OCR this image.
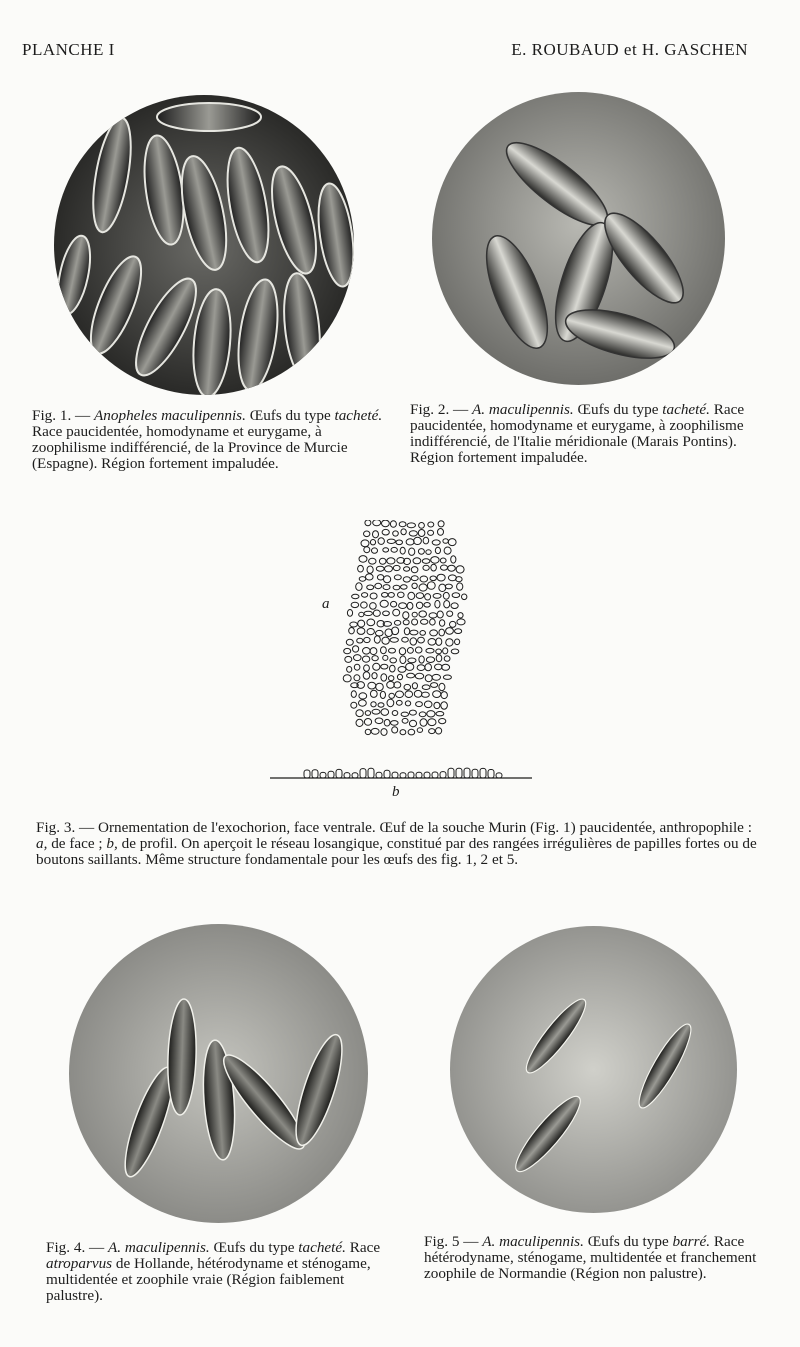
PLANCHE I	E. ROUBAUD et H. GASCHEN
Fig. 1. — Anopheles maculipennis. Œufs du type tacheté. Race paucidentée, homodyname et eurygame, à zoophilisme indifférencié, de la Province de Murcie (Espagne). Région fortement impaludée.
Fig. 2. — A. maculipennis. Œufs du type tacheté. Race paucidentée, homodyname et eurygame, à zoophilisme indifférencié, de l'Italie méridionale (Marais Pontins). Région fortement impaludée.
a
b
Fig. 3. — Ornementation de l'exochorion, face ventrale. Œuf de la souche Murin (Fig. 1) paucidentée, anthropophile : a, de face ; b, de profil. On aperçoit le réseau losangique, constitué par des rangées irrégulières de papilles fortes ou de boutons saillants. Même structure fondamentale pour les œufs des fig. 1, 2 et 5.
Fig. 4. — A. maculipennis. Œufs du type tacheté. Race atroparvus de Hollande, hétérodyname et sténogame, multidentée et zoophile vraie (Région faiblement palustre).
Fig. 5 — A. maculipennis. Œufs du type barré. Race hétérodyname, sténogame, multidentée et franchement zoophile de Normandie (Région non palustre).
